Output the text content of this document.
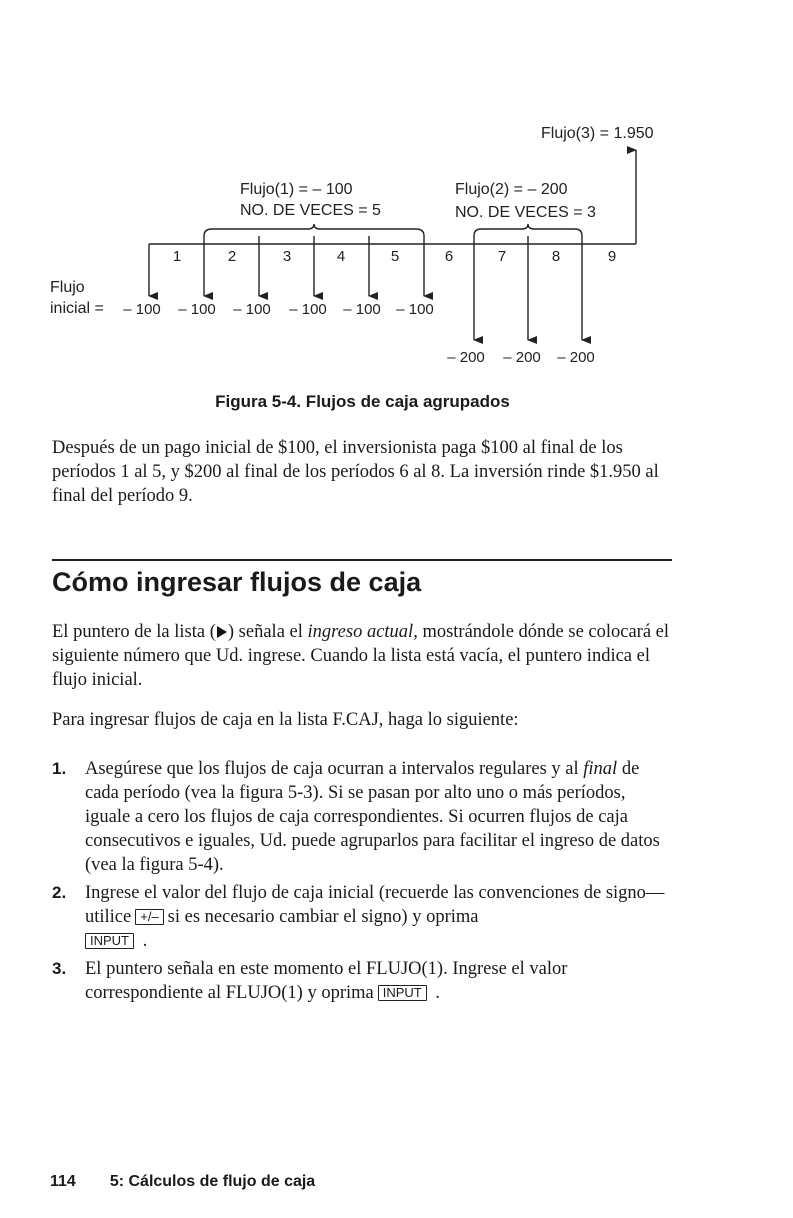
Flujo(3) = 1.950
Flujo(1) = – 100
NO. DE VECES = 5
Flujo(2) = – 200
NO. DE VECES = 3
Flujo
inicial =
1	2	3	4	5	6	7	8	9
– 100	– 100	– 100	– 100	– 100	– 100
– 200	– 200	– 200
Figura 5-4. Flujos de caja agrupados

Después de un pago inicial de $100, el inversionista paga $100 al final de los períodos 1 al 5, y $200 al final de los períodos 6 al 8. La inversión rinde $1.950 al final del período 9.

Cómo ingresar flujos de caja

El puntero de la lista ( ) señala el ingreso actual, mostrándole dónde se colocará el siguiente número que Ud. ingrese. Cuando la lista está vacía, el puntero indica el flujo inicial.

Para ingresar flujos de caja en la lista F.CAJ, haga lo siguiente:

1. Asegúrese que los flujos de caja ocurran a intervalos regulares y al final de cada período (vea la figura 5-3). Si se pasan por alto uno o más períodos, iguale a cero los flujos de caja correspondientes. Si ocurren flujos de caja consecutivos e iguales, Ud. puede agruparlos para facilitar el ingreso de datos (vea la figura 5-4).
2. Ingrese el valor del flujo de caja inicial (recuerde las convenciones de signo—utilice +/– si es necesario cambiar el signo) y oprima
INPUT .
3. El puntero señala en este momento el FLUJO(1). Ingrese el valor correspondiente al FLUJO(1) y oprima INPUT .
114 5: Cálculos de flujo de caja
